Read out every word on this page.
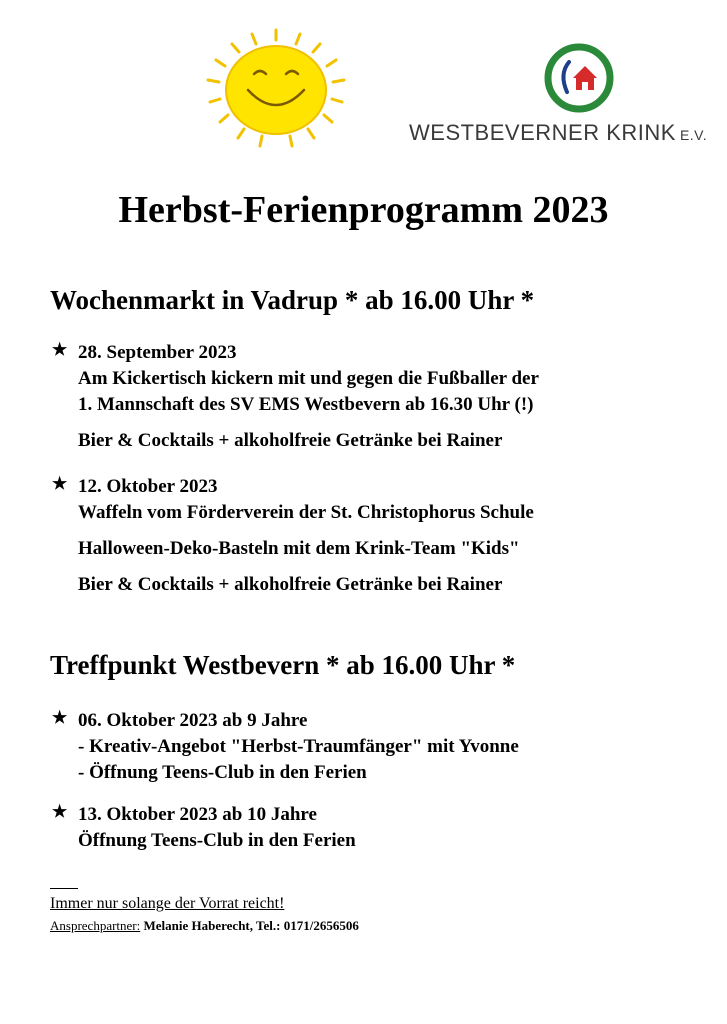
WESTBEVERNER KRINK E.V.
Herbst-Ferienprogramm 2023
Wochenmarkt in Vadrup * ab 16.00 Uhr *
★ 28. September 2023
Am Kickertisch kickern mit und gegen die Fußballer der
1. Mannschaft des SV EMS Westbevern ab 16.30 Uhr (!)
Bier & Cocktails + alkoholfreie Getränke bei Rainer
★ 12. Oktober 2023
Waffeln vom Förderverein der St. Christophorus Schule
Halloween-Deko-Basteln mit dem Krink-Team "Kids"
Bier & Cocktails + alkoholfreie Getränke bei Rainer
Treffpunkt Westbevern * ab 16.00 Uhr *
★ 06. Oktober 2023 ab 9 Jahre
- Kreativ-Angebot "Herbst-Traumfänger" mit Yvonne
- Öffnung Teens-Club in den Ferien
★ 13. Oktober 2023 ab 10 Jahre
Öffnung Teens-Club in den Ferien
Immer nur solange der Vorrat reicht!
Ansprechpartner: Melanie Haberecht, Tel.: 0171/2656506
